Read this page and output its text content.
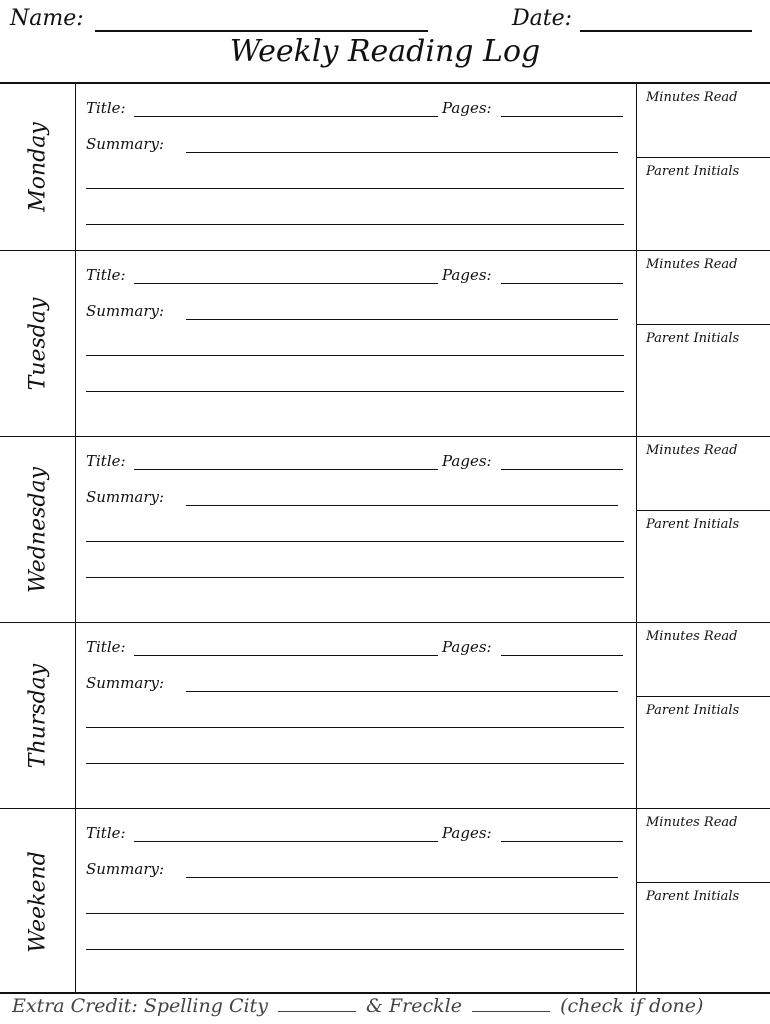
Name:	Date:
Weekly Reading Log
Monday
Title:	Pages:
Summary:
Minutes Read
Parent Initials
Tuesday
Title:	Pages:
Summary:
Minutes Read
Parent Initials
Wednesday
Title:	Pages:
Summary:
Minutes Read
Parent Initials
Thursday
Title:	Pages:
Summary:
Minutes Read
Parent Initials
Weekend
Title:	Pages:
Summary:
Minutes Read
Parent Initials
Extra Credit: Spelling City	& Freckle	(check if done)
